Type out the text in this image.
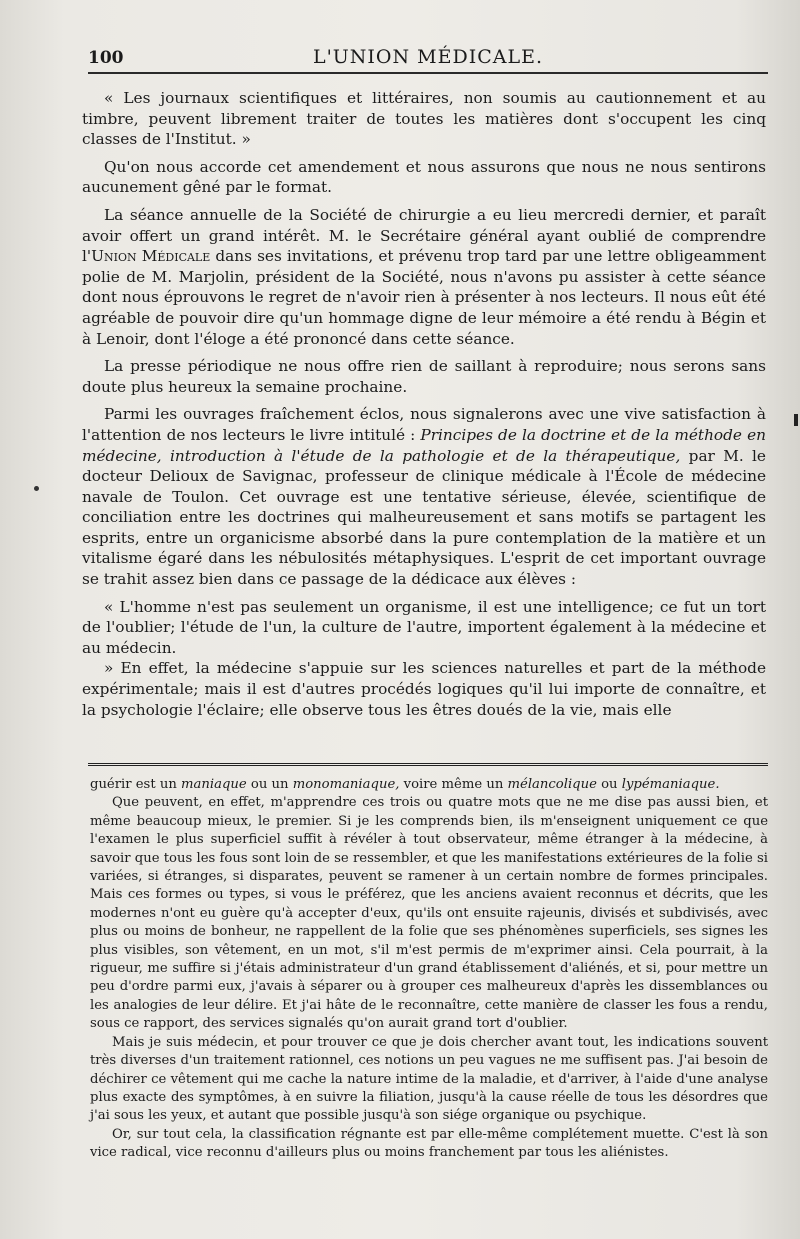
100	L'UNION MÉDICALE.

« Les journaux scientifiques et littéraires, non soumis au cautionnement et au timbre, peuvent librement traiter de toutes les matières dont s'occupent les cinq classes de l'Institut. »

Qu'on nous accorde cet amendement et nous assurons que nous ne nous sentirons aucunement gêné par le format.

La séance annuelle de la Société de chirurgie a eu lieu mercredi dernier, et paraît avoir offert un grand intérêt. M. le Secrétaire général ayant oublié de comprendre l'Union Médicale dans ses invitations, et prévenu trop tard par une lettre obligeamment polie de M. Marjolin, président de la Société, nous n'avons pu assister à cette séance dont nous éprouvons le regret de n'avoir rien à présenter à nos lecteurs. Il nous eût été agréable de pouvoir dire qu'un hommage digne de leur mémoire a été rendu à Bégin et à Lenoir, dont l'éloge a été prononcé dans cette séance.

La presse périodique ne nous offre rien de saillant à reproduire; nous serons sans doute plus heureux la semaine prochaine.

Parmi les ouvrages fraîchement éclos, nous signalerons avec une vive satisfaction à l'attention de nos lecteurs le livre intitulé : Principes de la doctrine et de la méthode en médecine, introduction à l'étude de la pathologie et de la thérapeutique, par M. le docteur Delioux de Savignac, professeur de clinique médicale à l'École de médecine navale de Toulon. Cet ouvrage est une tentative sérieuse, élevée, scientifique de conciliation entre les doctrines qui malheureusement et sans motifs se partagent les esprits, entre un organicisme absorbé dans la pure contemplation de la matière et un vitalisme égaré dans les nébulosités métaphysiques. L'esprit de cet important ouvrage se trahit assez bien dans ce passage de la dédicace aux élèves :

« L'homme n'est pas seulement un organisme, il est une intelligence; ce fut un tort de l'oublier; l'étude de l'un, la culture de l'autre, importent également à la médecine et au médecin.

» En effet, la médecine s'appuie sur les sciences naturelles et part de la méthode expérimentale; mais il est d'autres procédés logiques qu'il lui importe de connaître, et la psychologie l'éclaire; elle observe tous les êtres doués de la vie, mais elle

guérir est un maniaque ou un monomaniaque, voire même un mélancolique ou lypémaniaque.

Que peuvent, en effet, m'apprendre ces trois ou quatre mots que ne me dise pas aussi bien, et même beaucoup mieux, le premier. Si je les comprends bien, ils m'enseignent uniquement ce que l'examen le plus superficiel suffit à révéler à tout observateur, même étranger à la médecine, à savoir que tous les fous sont loin de se ressembler, et que les manifestations extérieures de la folie si variées, si étranges, si disparates, peuvent se ramener à un certain nombre de formes principales. Mais ces formes ou types, si vous le préférez, que les anciens avaient reconnus et décrits, que les modernes n'ont eu guère qu'à accepter d'eux, qu'ils ont ensuite rajeunis, divisés et subdivisés, avec plus ou moins de bonheur, ne rappellent de la folie que ses phénomènes superficiels, ses signes les plus visibles, son vêtement, en un mot, s'il m'est permis de m'exprimer ainsi. Cela pourrait, à la rigueur, me suffire si j'étais administrateur d'un grand établissement d'aliénés, et si, pour mettre un peu d'ordre parmi eux, j'avais à séparer ou à grouper ces malheureux d'après les dissemblances ou les analogies de leur délire. Et j'ai hâte de le reconnaître, cette manière de classer les fous a rendu, sous ce rapport, des services signalés qu'on aurait grand tort d'oublier.

Mais je suis médecin, et pour trouver ce que je dois chercher avant tout, les indications souvent très diverses d'un traitement rationnel, ces notions un peu vagues ne me suffisent pas. J'ai besoin de déchirer ce vêtement qui me cache la nature intime de la maladie, et d'arriver, à l'aide d'une analyse plus exacte des symptômes, à en suivre la filiation, jusqu'à la cause réelle de tous les désordres que j'ai sous les yeux, et autant que possible jusqu'à son siége organique ou psychique.

Or, sur tout cela, la classification régnante est par elle-même complétement muette. C'est là son vice radical, vice reconnu d'ailleurs plus ou moins franchement par tous les aliénistes.
